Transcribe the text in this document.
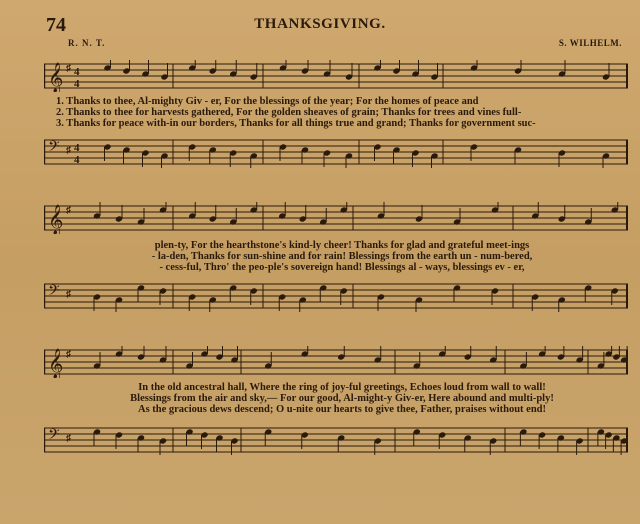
74	THANKSGIVING.
R. N. T.	S. WILHELM.
𝄞 ♯ 4
4
1. Thanks to thee, Al-mighty Giv - er, For the blessings of the year; For the homes of peace and
2. Thanks to thee for harvests gathered, For the golden sheaves of grain; Thanks for trees and vines full-
3. Thanks for peace with-in our borders, Thanks for all things true and grand; Thanks for government suc-
𝄢 ♯ 4
4
𝄞 ♯
plen-ty, For the hearthstone's kind-ly cheer! Thanks for glad and grateful meet-ings
- la-den, Thanks for sun-shine and for rain! Blessings from the earth un - num-bered,
- cess-ful, Thro' the peo-ple's sovereign hand! Blessings al - ways, blessings ev - er,
𝄢 ♯
𝄞 ♯
In the old ancestral hall, Where the ring of joy-ful greetings, Echoes loud from wall to wall!
Blessings from the air and sky,— For our good, Al-might-y Giv-er, Here abound and multi-ply!
As the gracious dews descend; O u-nite our hearts to give thee, Father, praises without end!
𝄢 ♯
